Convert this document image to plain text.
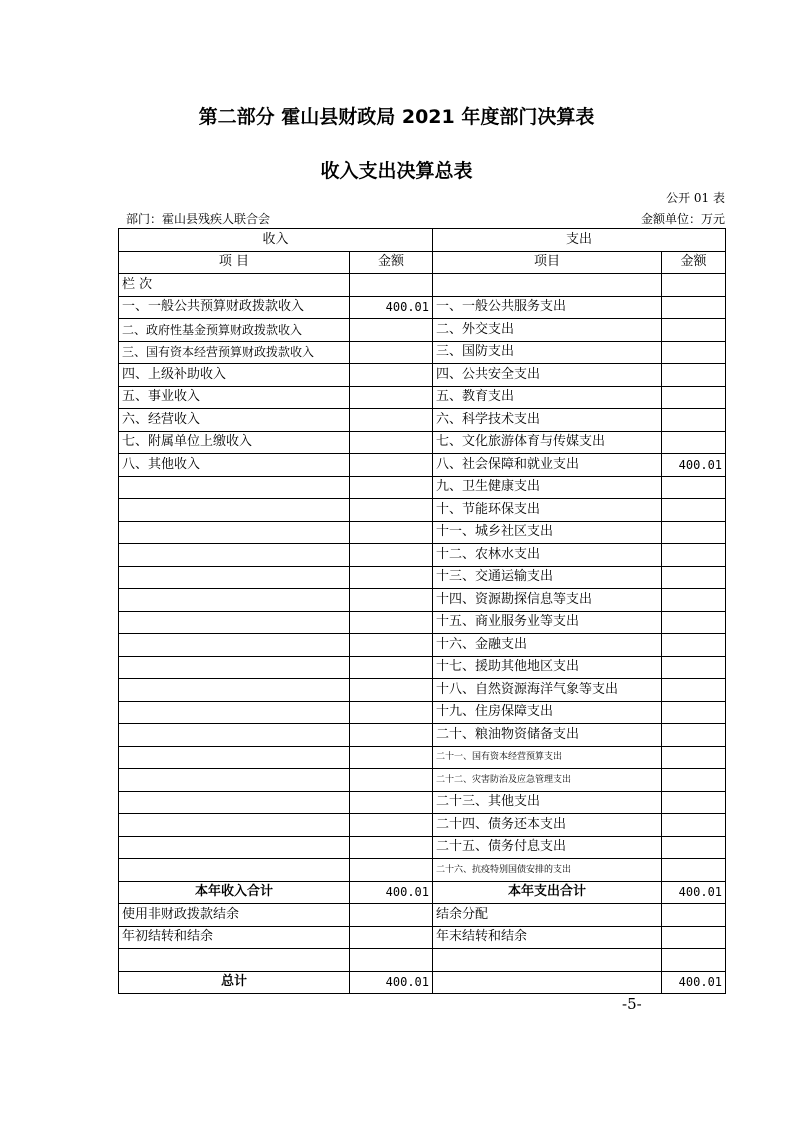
第二部分 霍山县财政局 2021 年度部门决算表
收入支出决算总表
公开 01 表
部门：霍山县残疾人联合会	金额单位：万元
收入		支出	
项 目	金额	项目	金额
栏 次			
一、一般公共预算财政拨款收入	400.01	一、一般公共服务支出	
二、政府性基金预算财政拨款收入		二、外交支出	
三、国有资本经营预算财政拨款收入		三、国防支出	
四、上级补助收入		四、公共安全支出	
五、事业收入		五、教育支出	
六、经营收入		六、科学技术支出	
七、附属单位上缴收入		七、文化旅游体育与传媒支出	
八、其他收入		八、社会保障和就业支出	400.01
		九、卫生健康支出	
		十、节能环保支出	
		十一、城乡社区支出	
		十二、农林水支出	
		十三、交通运输支出	
		十四、资源勘探信息等支出	
		十五、商业服务业等支出	
		十六、金融支出	
		十七、援助其他地区支出	
		十八、自然资源海洋气象等支出	
		十九、住房保障支出	
		二十、粮油物资储备支出	
		二十一、国有资本经营预算支出	
		二十二、灾害防治及应急管理支出	
		二十三、其他支出	
		二十四、债务还本支出	
		二十五、债务付息支出	
		二十六、抗疫特别国债安排的支出	
本年收入合计	400.01	本年支出合计	400.01
使用非财政拨款结余		结余分配	
年初结转和结余		年末结转和结余	

总计	400.01		400.01
-5-
